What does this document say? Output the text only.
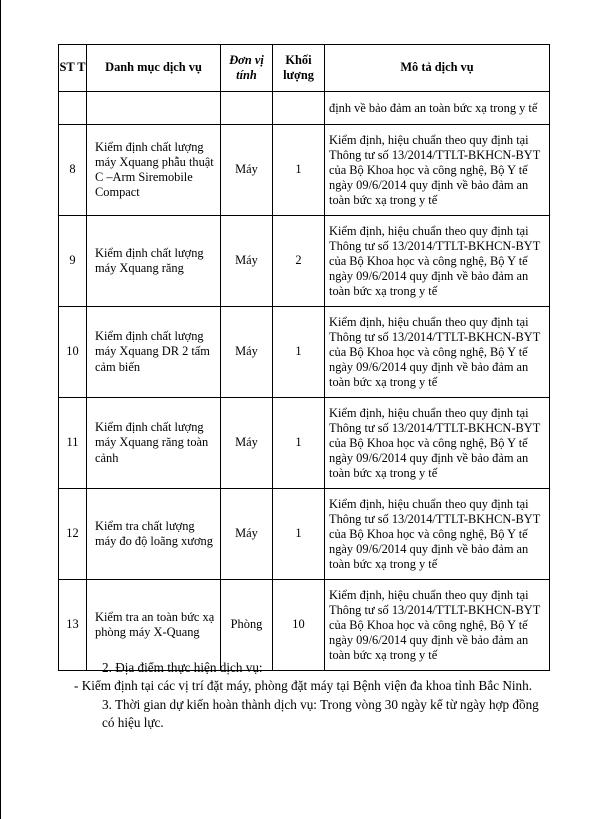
ST T	Danh mục dịch vụ	Đơn vị tính	Khối lượng	Mô tả dịch vụ
				định về bảo đảm an toàn bức xạ trong y tế
8	Kiểm định chất lượng máy Xquang phẫu thuật C –Arm Siremobile Compact	Máy	1	Kiểm định, hiệu chuẩn theo quy định tại Thông tư số 13/2014/TTLT-BKHCN-BYT của Bộ Khoa học và công nghệ, Bộ Y tế ngày 09/6/2014 quy định về bảo đảm an toàn bức xạ trong y tế
9	Kiểm định chất lượng máy Xquang răng	Máy	2	Kiểm định, hiệu chuẩn theo quy định tại Thông tư số 13/2014/TTLT-BKHCN-BYT của Bộ Khoa học và công nghệ, Bộ Y tế ngày 09/6/2014 quy định về bảo đảm an toàn bức xạ trong y tế
10	Kiểm định chất lượng máy Xquang DR 2 tấm cảm biến	Máy	1	Kiểm định, hiệu chuẩn theo quy định tại Thông tư số 13/2014/TTLT-BKHCN-BYT của Bộ Khoa học và công nghệ, Bộ Y tế ngày 09/6/2014 quy định về bảo đảm an toàn bức xạ trong y tế
11	Kiểm định chất lượng máy Xquang răng toàn cảnh	Máy	1	Kiểm định, hiệu chuẩn theo quy định tại Thông tư số 13/2014/TTLT-BKHCN-BYT của Bộ Khoa học và công nghệ, Bộ Y tế ngày 09/6/2014 quy định về bảo đảm an toàn bức xạ trong y tế
12	Kiểm tra chất lượng máy đo độ loãng xương	Máy	1	Kiểm định, hiệu chuẩn theo quy định tại Thông tư số 13/2014/TTLT-BKHCN-BYT của Bộ Khoa học và công nghệ, Bộ Y tế ngày 09/6/2014 quy định về bảo đảm an toàn bức xạ trong y tế
13	Kiểm tra an toàn bức xạ phòng máy X-Quang	Phòng	10	Kiểm định, hiệu chuẩn theo quy định tại Thông tư số 13/2014/TTLT-BKHCN-BYT của Bộ Khoa học và công nghệ, Bộ Y tế ngày 09/6/2014 quy định về bảo đảm an toàn bức xạ trong y tế

2. Địa điểm thực hiện dịch vụ:

- Kiểm định tại các vị trí đặt máy, phòng đặt máy tại Bệnh viện đa khoa tỉnh Bắc Ninh.

3. Thời gian dự kiến hoàn thành dịch vụ: Trong vòng 30 ngày kể từ ngày hợp đồng có hiệu lực.
